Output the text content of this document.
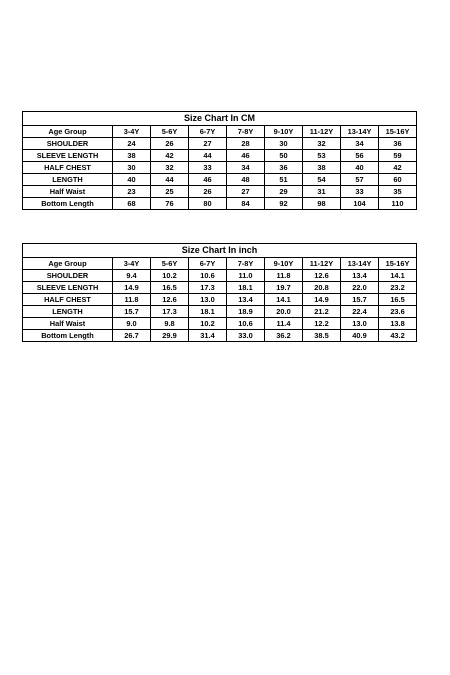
Size Chart In CM								
Age Group	3-4Y	5-6Y	6-7Y	7-8Y	9-10Y	11-12Y	13-14Y	15-16Y
SHOULDER	24	26	27	28	30	32	34	36
SLEEVE LENGTH	38	42	44	46	50	53	56	59
HALF CHEST	30	32	33	34	36	38	40	42
LENGTH	40	44	46	48	51	54	57	60
Half Waist	23	25	26	27	29	31	33	35
Bottom Length	68	76	80	84	92	98	104	110
Size Chart In inch								
Age Group	3-4Y	5-6Y	6-7Y	7-8Y	9-10Y	11-12Y	13-14Y	15-16Y
SHOULDER	9.4	10.2	10.6	11.0	11.8	12.6	13.4	14.1
SLEEVE LENGTH	14.9	16.5	17.3	18.1	19.7	20.8	22.0	23.2
HALF CHEST	11.8	12.6	13.0	13.4	14.1	14.9	15.7	16.5
LENGTH	15.7	17.3	18.1	18.9	20.0	21.2	22.4	23.6
Half Waist	9.0	9.8	10.2	10.6	11.4	12.2	13.0	13.8
Bottom Length	26.7	29.9	31.4	33.0	36.2	38.5	40.9	43.2
